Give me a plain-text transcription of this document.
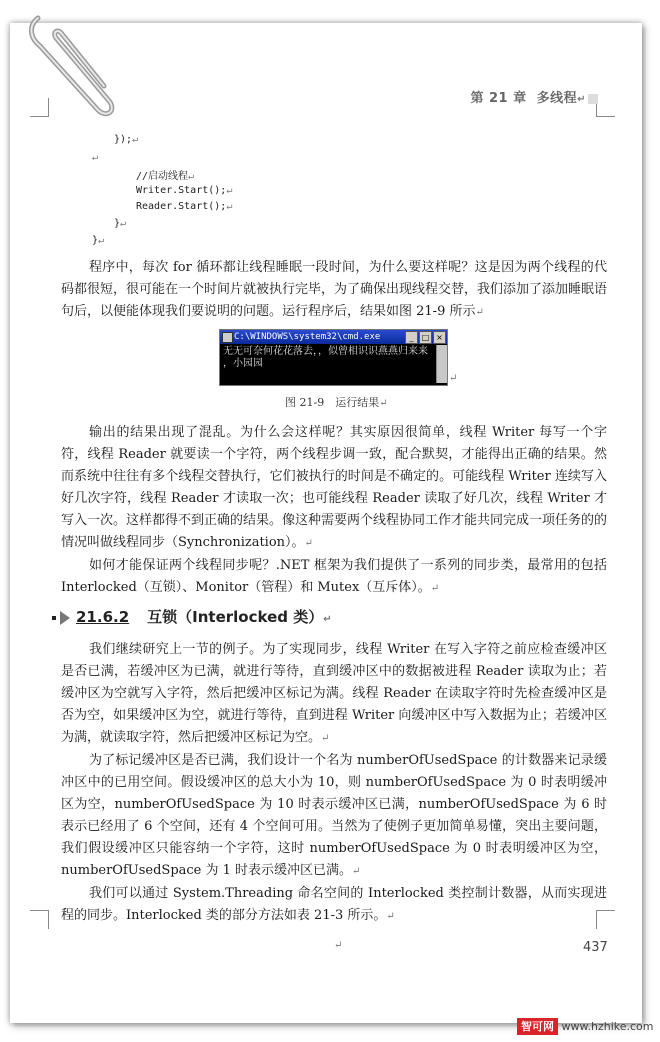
第 21 章 多线程↵
});↵
↵
//启动线程↵
Writer.Start();↵
Reader.Start();↵
}↵
}↵

程序中，每次 for 循环都让线程睡眠一段时间，为什么要这样呢？这是因为两个线程的代码都很短，很可能在一个时间片就被执行完毕，为了确保出现线程交替，我们添加了添加睡眠语句后，以便能体现我们要说明的问题。运行程序后，结果如图 21-9 所示↵

C:\WINDOWS\system32\cmd.exe	_ □ ×
无无可奈何花花落去，，似曾相识识燕燕归来来
，小园园
↵
图 21-9　运行结果↵

输出的结果出现了混乱。为什么会这样呢？其实原因很简单，线程 Writer 每写一个字符，线程 Reader 就要读一个字符，两个线程步调一致，配合默契，才能得出正确的结果。然而系统中往往有多个线程交替执行，它们被执行的时间是不确定的。可能线程 Writer 连续写入好几次字符，线程 Reader 才读取一次；也可能线程 Reader 读取了好几次，线程 Writer 才写入一次。这样都得不到正确的结果。像这种需要两个线程协同工作才能共同完成一项任务的的情况叫做线程同步（Synchronization）。↵

如何才能保证两个线程同步呢？.NET 框架为我们提供了一系列的同步类，最常用的包括 Interlocked（互锁）、Monitor（管程）和 Mutex（互斥体）。↵

21.6.2 互锁（Interlocked 类）↵

我们继续研究上一节的例子。为了实现同步，线程 Writer 在写入字符之前应检查缓冲区是否已满，若缓冲区为已满，就进行等待，直到缓冲区中的数据被进程 Reader 读取为止；若缓冲区为空就写入字符，然后把缓冲区标记为满。线程 Reader 在读取字符时先检查缓冲区是否为空，如果缓冲区为空，就进行等待，直到进程 Writer 向缓冲区中写入数据为止；若缓冲区为满，就读取字符，然后把缓冲区标记为空。↵

为了标记缓冲区是否已满，我们设计一个名为 numberOfUsedSpace 的计数器来记录缓冲区中的已用空间。假设缓冲区的总大小为 10，则 numberOfUsedSpace 为 0 时表明缓冲区为空，numberOfUsedSpace 为 10 时表示缓冲区已满，numberOfUsedSpace 为 6 时表示已经用了 6 个空间，还有 4 个空间可用。当然为了使例子更加简单易懂，突出主要问题，我们假设缓冲区只能容纳一个字符，这时 numberOfUsedSpace 为 0 时表明缓冲区为空，numberOfUsedSpace 为 1 时表示缓冲区已满。↵

我们可以通过 System.Threading 命名空间的 Interlocked 类控制计数器，从而实现进程的同步。Interlocked 类的部分方法如表 21-3 所示。↵

↵	437
智可网 www.hzhike.com
